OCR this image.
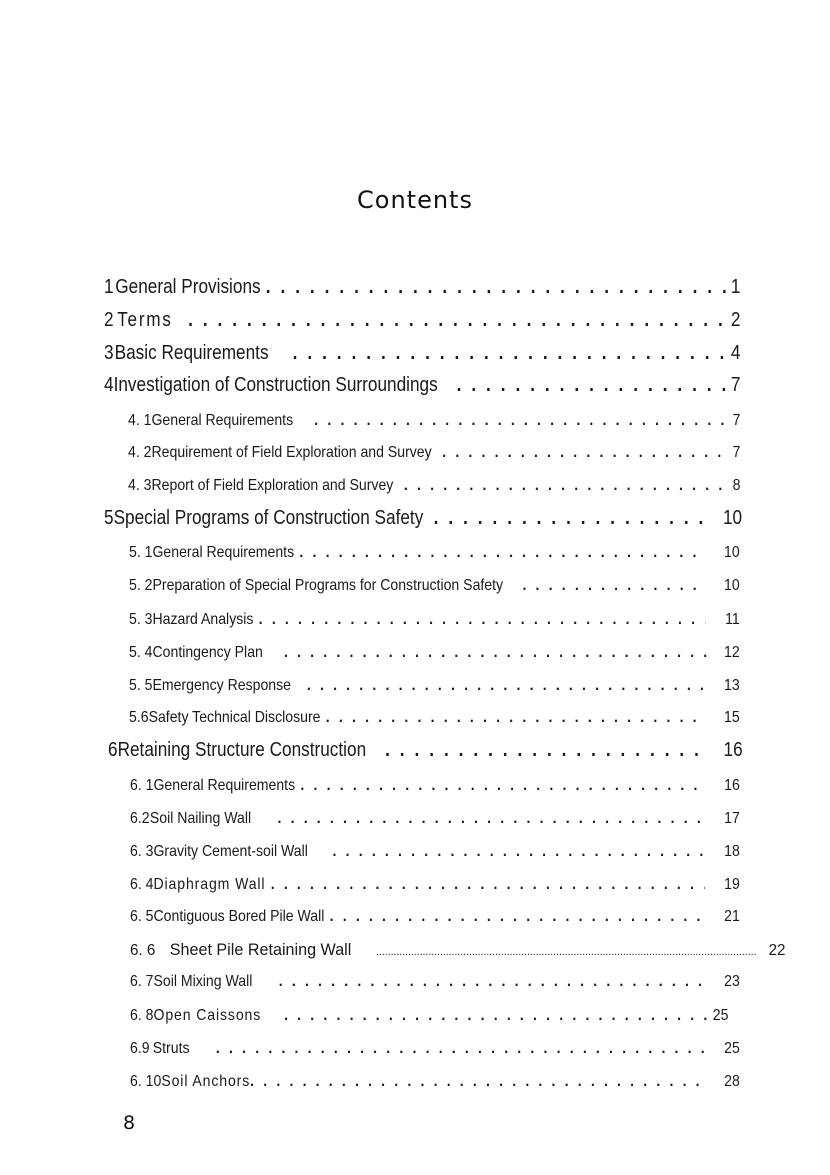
Contents
1 General Provisions . . .	1
2 Terms . . .	2
3 Basic Requirements . . .	4
4 Investigation of Construction Surroundings . . .	7
4. 1 General Requirements . . .	7
4. 2 Requirement of Field Exploration and Survey . . .	7
4. 3 Report of Field Exploration and Survey . . .	8
5 Special Programs of Construction Safety . . .	10
5. 1 General Requirements . . .	10
5. 2 Preparation of Special Programs for Construction Safety . . .	10
5. 3 Hazard Analysis . . .	11
5. 4 Contingency Plan . . .	12
5. 5 Emergency Response . . .	13
5.6 Safety Technical Disclosure . . .	15
6 Retaining Structure Construction . . .	16
6. 1 General Requirements . . .	16
6.2 Soil Nailing Wall . . .	17
6. 3 Gravity Cement-soil Wall . . .	18
6. 4 Diaphragm Wall . . .	19
6. 5 Contiguous Bored Pile Wall . . .	21
6. 6 Sheet Pile Retaining Wall .....	22
6. 7 Soil Mixing Wall . . .	23
6. 8 Open Caissons . . .	25
6.9 Struts . . .	25
6. 10 Soil Anchors . . .	28
8
